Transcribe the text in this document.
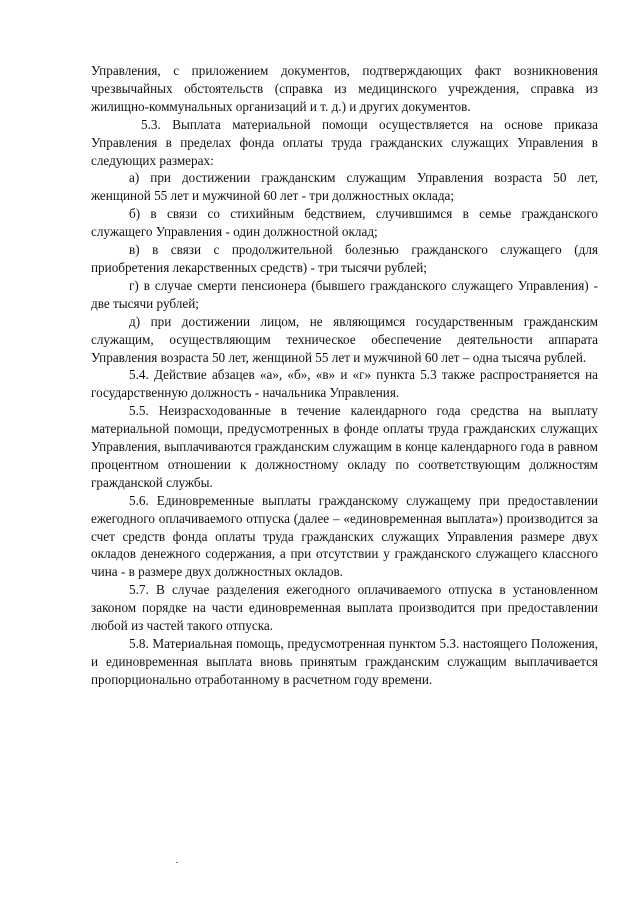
Управления, с приложением документов, подтверждающих факт возникновения чрезвычайных обстоятельств (справка из медицинского учреждения, справка из жилищно-коммунальных организаций и т. д.) и других документов.

5.3. Выплата материальной помощи осуществляется на основе приказа Управления в пределах фонда оплаты труда гражданских служащих Управления в следующих размерах:

а) при достижении гражданским служащим Управления возраста 50 лет, женщиной 55 лет и мужчиной 60 лет - три должностных оклада;

б) в связи со стихийным бедствием, случившимся в семье гражданского служащего Управления - один должностной оклад;

в) в связи с продолжительной болезнью гражданского служащего (для приобретения лекарственных средств) - три тысячи рублей;

г) в случае смерти пенсионера (бывшего гражданского служащего Управления) - две тысячи рублей;

д) при достижении лицом, не являющимся государственным гражданским служащим, осуществляющим техническое обеспечение деятельности аппарата Управления возраста 50 лет, женщиной 55 лет и мужчиной 60 лет – одна тысяча рублей.

5.4. Действие абзацев «а», «б», «в» и «г» пункта 5.3 также распространяется на государственную должность - начальника Управления.

5.5. Неизрасходованные в течение календарного года средства на выплату материальной помощи, предусмотренных в фонде оплаты труда гражданских служащих Управления, выплачиваются гражданским служащим в конце календарного года в равном процентном отношении к должностному окладу по соответствующим должностям гражданской службы.

5.6. Единовременные выплаты гражданскому служащему при предоставлении ежегодного оплачиваемого отпуска (далее – «единовременная выплата») производится за счет средств фонда оплаты труда гражданских служащих Управления размере двух окладов денежного содержания, а при отсутствии у гражданского служащего классного чина - в размере двух должностных окладов.

5.7. В случае разделения ежегодного оплачиваемого отпуска в установленном законом порядке на части единовременная выплата производится при предоставлении любой из частей такого отпуска.

5.8. Материальная помощь, предусмотренная пунктом 5.3. настоящего Положения, и единовременная выплата вновь принятым гражданским служащим выплачивается пропорционально отработанному в расчетном году времени.
